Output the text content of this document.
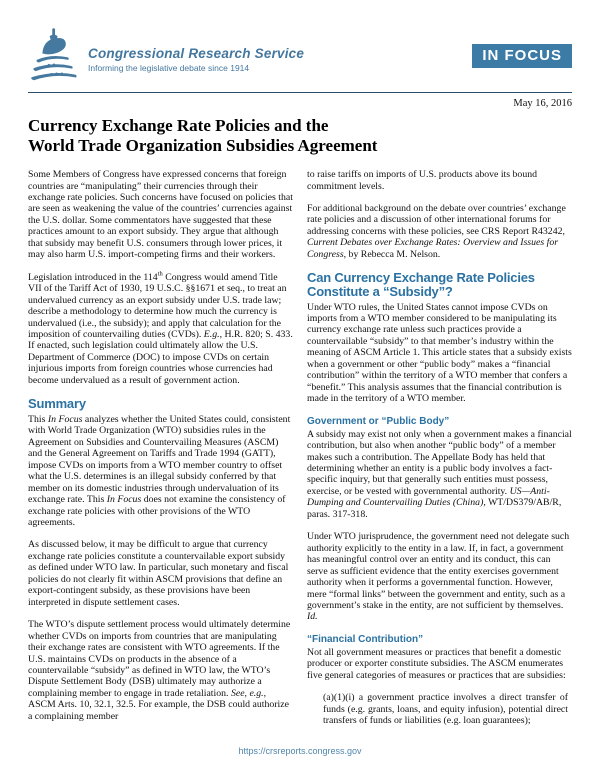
Congressional Research Service
Informing the legislative debate since 1914
IN FOCUS
May 16, 2016
Currency Exchange Rate Policies and the
World Trade Organization Subsidies Agreement

Some Members of Congress have expressed concerns that foreign countries are “manipulating” their currencies through their exchange rate policies. Such concerns have focused on policies that are seen as weakening the value of the countries’ currencies against the U.S. dollar. Some commentators have suggested that these practices amount to an export subsidy. They argue that although that subsidy may benefit U.S. consumers through lower prices, it may also harm U.S. import-competing firms and their workers.

Legislation introduced in the 114th Congress would amend Title VII of the Tariff Act of 1930, 19 U.S.C. §§1671 et seq., to treat an undervalued currency as an export subsidy under U.S. trade law; describe a methodology to determine how much the currency is undervalued (i.e., the subsidy); and apply that calculation for the imposition of countervailing duties (CVDs). E.g., H.R. 820; S. 433. If enacted, such legislation could ultimately allow the U.S. Department of Commerce (DOC) to impose CVDs on certain injurious imports from foreign countries whose currencies had become undervalued as a result of government action.

Summary

This In Focus analyzes whether the United States could, consistent with World Trade Organization (WTO) subsidies rules in the Agreement on Subsidies and Countervailing Measures (ASCM) and the General Agreement on Tariffs and Trade 1994 (GATT), impose CVDs on imports from a WTO member country to offset what the U.S. determines is an illegal subsidy conferred by that member on its domestic industries through undervaluation of its exchange rate. This In Focus does not examine the consistency of exchange rate policies with other provisions of the WTO agreements.

As discussed below, it may be difficult to argue that currency exchange rate policies constitute a countervailable export subsidy as defined under WTO law. In particular, such monetary and fiscal policies do not clearly fit within ASCM provisions that define an export-contingent subsidy, as these provisions have been interpreted in dispute settlement cases.

The WTO’s dispute settlement process would ultimately determine whether CVDs on imports from countries that are manipulating their exchange rates are consistent with WTO agreements. If the U.S. maintains CVDs on products in the absence of a countervailable “subsidy” as defined in WTO law, the WTO’s Dispute Settlement Body (DSB) ultimately may authorize a complaining member to engage in trade retaliation. See, e.g., ASCM Arts. 10, 32.1, 32.5. For example, the DSB could authorize a complaining member

to raise tariffs on imports of U.S. products above its bound commitment levels.

For additional background on the debate over countries’ exchange rate policies and a discussion of other international forums for addressing concerns with these policies, see CRS Report R43242, Current Debates over Exchange Rates: Overview and Issues for Congress, by Rebecca M. Nelson.

Can Currency Exchange Rate Policies Constitute a “Subsidy”?

Under WTO rules, the United States cannot impose CVDs on imports from a WTO member considered to be manipulating its currency exchange rate unless such practices provide a countervailable “subsidy” to that member’s industry within the meaning of ASCM Article 1. This article states that a subsidy exists when a government or other “public body” makes a “financial contribution” within the territory of a WTO member that confers a “benefit.” This analysis assumes that the financial contribution is made in the territory of a WTO member.

Government or “Public Body”

A subsidy may exist not only when a government makes a financial contribution, but also when another “public body” of a member makes such a contribution. The Appellate Body has held that determining whether an entity is a public body involves a fact-specific inquiry, but that generally such entities must possess, exercise, or be vested with governmental authority. US—Anti-Dumping and Countervailing Duties (China), WT/DS379/AB/R, paras. 317-318.

Under WTO jurisprudence, the government need not delegate such authority explicitly to the entity in a law. If, in fact, a government has meaningful control over an entity and its conduct, this can serve as sufficient evidence that the entity exercises government authority when it performs a governmental function. However, mere “formal links” between the government and entity, such as a government’s stake in the entity, are not sufficient by themselves. Id.

“Financial Contribution”

Not all government measures or practices that benefit a domestic producer or exporter constitute subsidies. The ASCM enumerates five general categories of measures or practices that are subsidies:

(a)(1)(i) a government practice involves a direct transfer of funds (e.g. grants, loans, and equity infusion), potential direct transfers of funds or liabilities (e.g. loan guarantees);
https://crsreports.congress.gov
